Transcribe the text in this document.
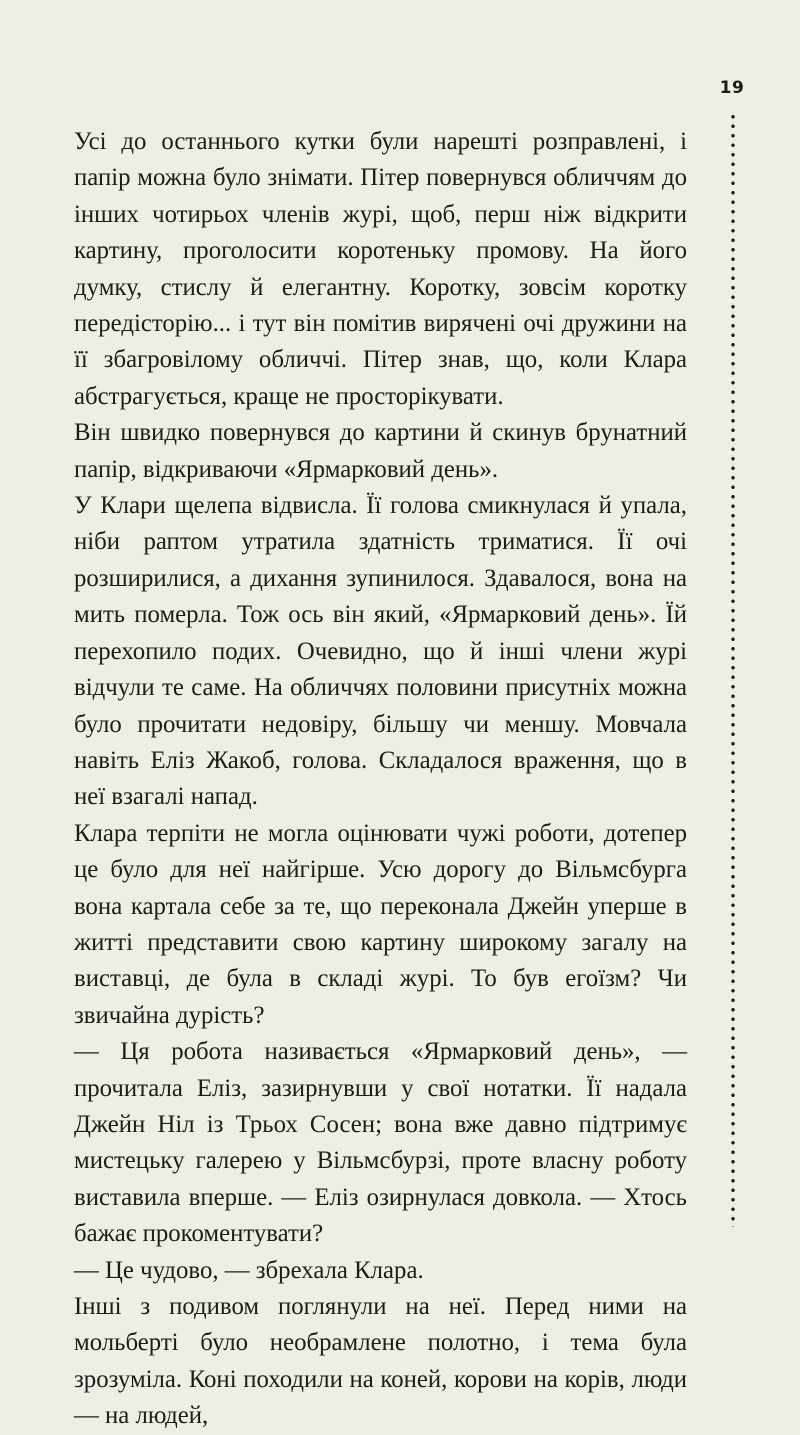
19

Усі до останнього кутки були нарешті розправлені, і папір можна було знімати. Пітер повернувся обличчям до інших чотирьох членів журі, щоб, перш ніж відкрити картину, проголосити коротеньку промову. На його думку, стислу й елегантну. Коротку, зовсім коротку передісторію... і тут він помітив вирячені очі дружини на її збагровілому обличчі. Пітер знав, що, коли Клара абстрагується, краще не просторікувати.

Він швидко повернувся до картини й скинув брунатний папір, відкриваючи «Ярмарковий день».

У Клари щелепа відвисла. Її голова смикнулася й упала, ніби раптом утратила здатність триматися. Її очі розширилися, а дихання зупинилося. Здавалося, вона на мить померла. Тож ось він який, «Ярмарковий день». Їй перехопило подих. Очевидно, що й інші члени журі відчули те саме. На обличчях половини присутніх можна було прочитати недовіру, більшу чи меншу. Мовчала навіть Еліз Жакоб, голова. Складалося враження, що в неї взагалі напад.

Клара терпіти не могла оцінювати чужі роботи, дотепер це було для неї найгірше. Усю дорогу до Вільмсбурга вона картала себе за те, що переконала Джейн уперше в житті представити свою картину широкому загалу на виставці, де була в складі журі. То був егоїзм? Чи звичайна дурість?

— Ця робота називається «Ярмарковий день», — прочитала Еліз, зазирнувши у свої нотатки. Її надала Джейн Ніл із Трьох Сосен; вона вже давно підтримує мистецьку галерею у Вільмсбурзі, проте власну роботу виставила вперше. — Еліз озирнулася довкола. — Хтось бажає прокоментувати?

— Це чудово, — збрехала Клара.

Інші з подивом поглянули на неї. Перед ними на мольберті було необрамлене полотно, і тема була зрозуміла. Коні походили на коней, корови на корів, люди — на людей,
